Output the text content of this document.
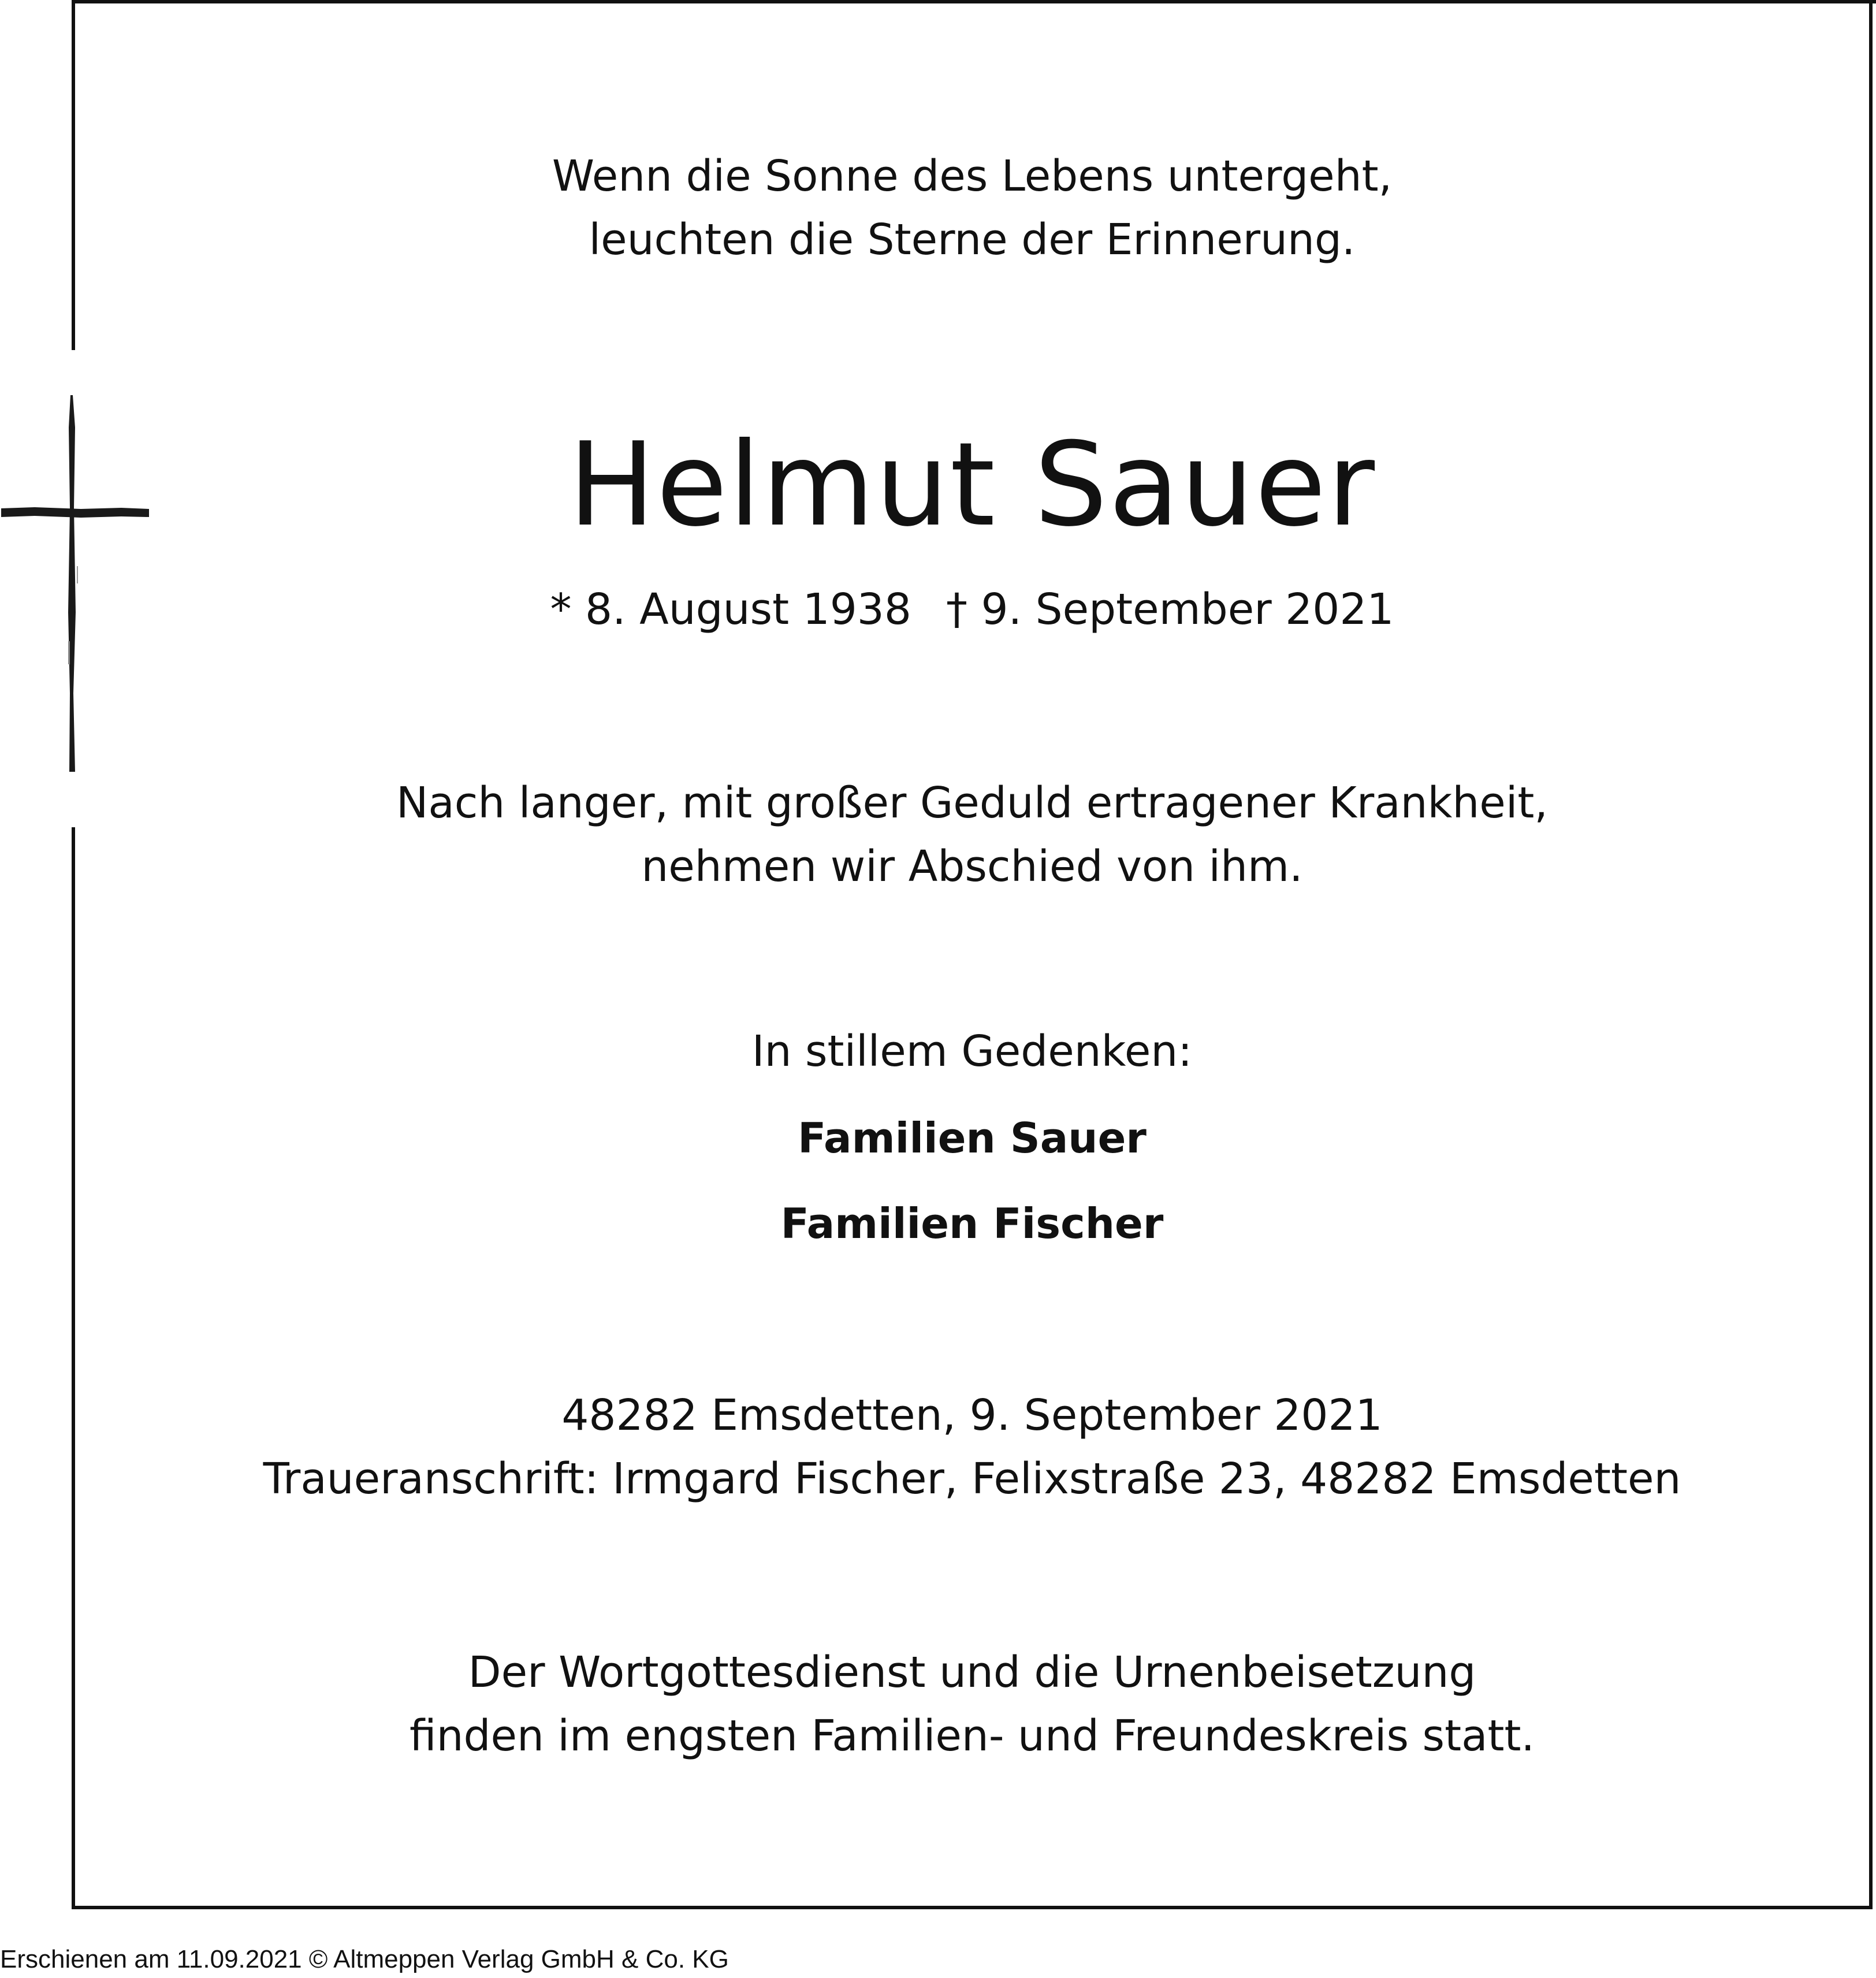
Wenn die Sonne des Lebens untergeht,
leuchten die Sterne der Erinnerung.
Helmut Sauer
* 8. August 1938 † 9. September 2021
Nach langer, mit großer Geduld ertragener Krankheit,
nehmen wir Abschied von ihm.
In stillem Gedenken:
Familien Sauer
Familien Fischer
48282 Emsdetten, 9. September 2021
Traueranschrift: Irmgard Fischer, Felixstraße 23, 48282 Emsdetten
Der Wortgottesdienst und die Urnenbeisetzung
finden im engsten Familien- und Freundeskreis statt.
Erschienen am 11.09.2021 © Altmeppen Verlag GmbH & Co. KG
